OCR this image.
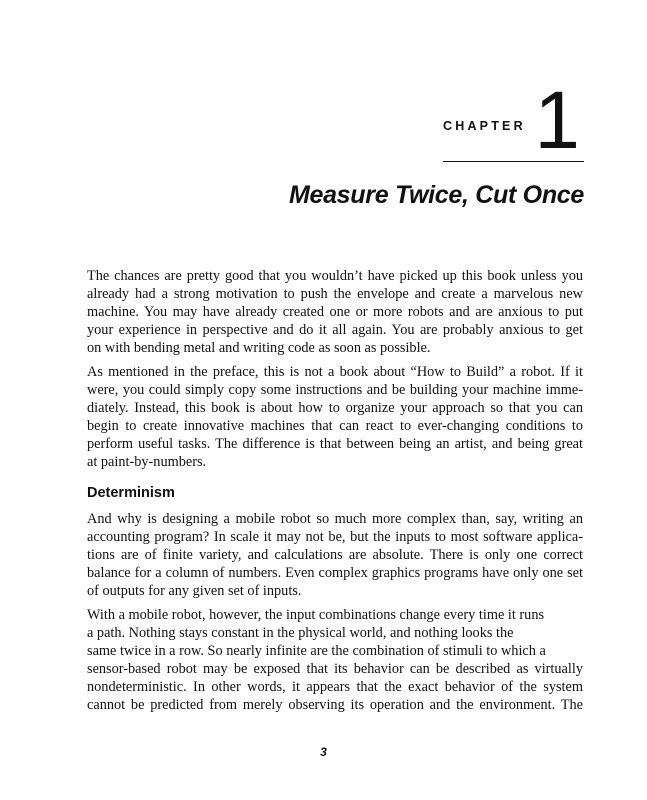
CHAPTER 1
Measure Twice, Cut Once

The chances are pretty good that you wouldn’t have picked up this book unless you
already had a strong motivation to push the envelope and create a marvelous new
machine. You may have already created one or more robots and are anxious to put
your experience in perspective and do it all again. You are probably anxious to get
on with bending metal and writing code as soon as possible.

As mentioned in the preface, this is not a book about “How to Build” a robot. If it
were, you could simply copy some instructions and be building your machine imme-
diately. Instead, this book is about how to organize your approach so that you can
begin to create innovative machines that can react to ever-changing conditions to
perform useful tasks. The difference is that between being an artist, and being great
at paint-by-numbers.

Determinism

And why is designing a mobile robot so much more complex than, say, writing an
accounting program? In scale it may not be, but the inputs to most software applica-
tions are of finite variety, and calculations are absolute. There is only one correct
balance for a column of numbers. Even complex graphics programs have only one set
of outputs for any given set of inputs.

With a mobile robot, however, the input combinations change every time it runs
a path. Nothing stays constant in the physical world, and nothing looks the
same twice in a row. So nearly infinite are the combination of stimuli to which a
sensor-based robot may be exposed that its behavior can be described as virtually
nondeterministic. In other words, it appears that the exact behavior of the system
cannot be predicted from merely observing its operation and the environment. The

3
